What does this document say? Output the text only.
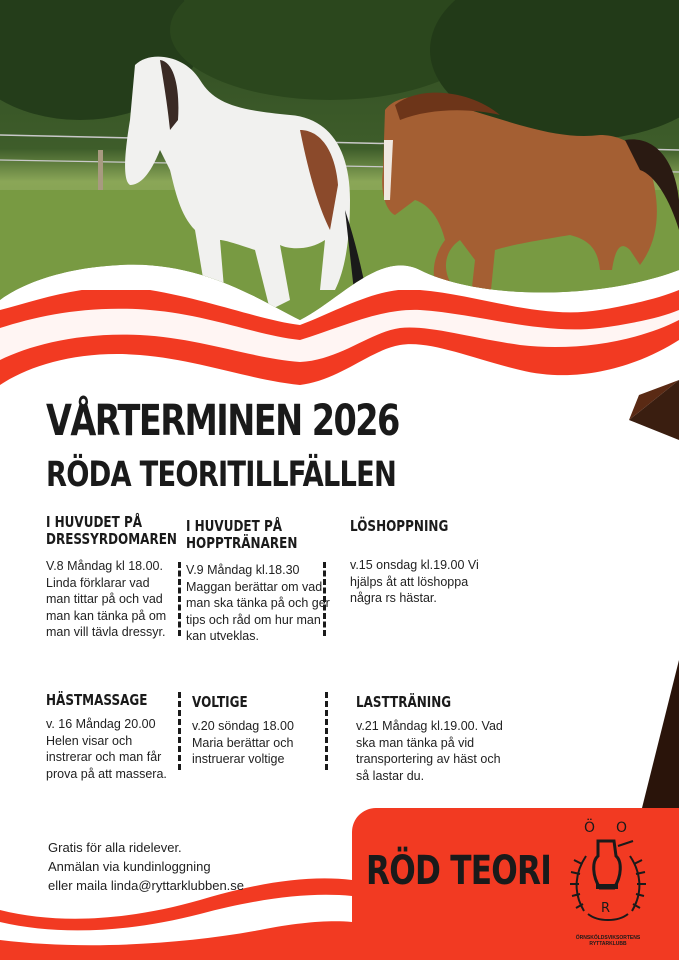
VÅRTERMINEN 2026
RÖDA TEORITILLFÄLLEN
I HUVUDET PÅ DRESSYRDOMAREN

V.8 Måndag kl 18.00. Linda förklarar vad man tittar på och vad man kan tänka på om man vill tävla dressyr.

I HUVUDET PÅ HOPPTRÄNAREN

V.9 Måndag kl.18.30 Maggan berättar om vad man ska tänka på och ger tips och råd om hur man kan utveklas.

LÖSHOPPNING

v.15 onsdag kl.19.00 Vi hjälps åt att löshoppa några rs hästar.

HÄSTMASSAGE

v. 16 Måndag 20.00 Helen visar och instrerar och man får prova på att massera.

VOLTIGE

v.20 söndag 18.00 Maria berättar och instruerar voltige

LASTTRÄNING

v.21 Måndag kl.19.00. Vad ska man tänka på vid transportering av häst och så lastar du.

Gratis för alla ridelever.
Anmälan via kundinloggning
eller maila linda@ryttarklubben.se	RÖD TEORI
Ö O
R
ÖRNSKÖLDSVIKSORTENS
RYTTARKLUBB
